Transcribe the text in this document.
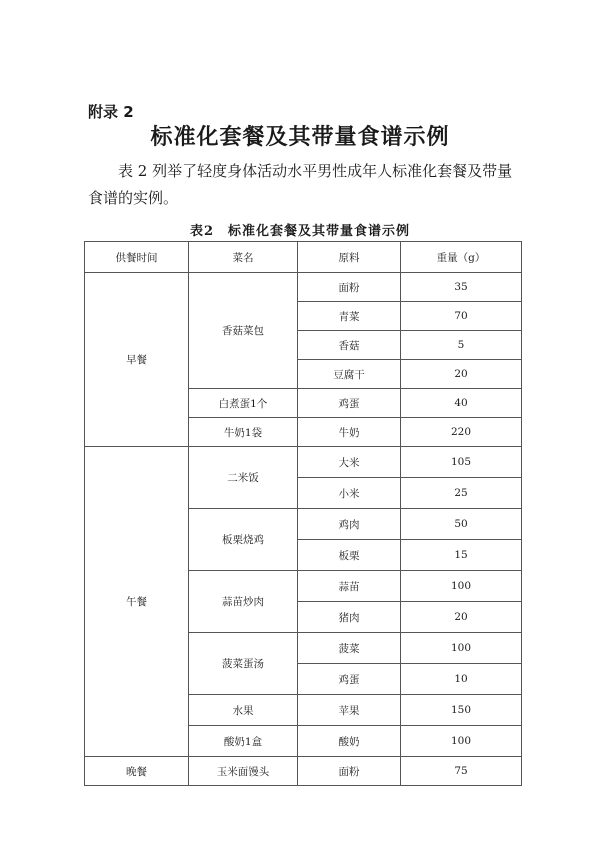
附录 2
标准化套餐及其带量食谱示例
表 2 列举了轻度身体活动水平男性成年人标准化套餐及带量食谱的实例。
表2　标准化套餐及其带量食谱示例
供餐时间	菜名	原料	重量（g）
早餐	香菇菜包	面粉	35
		青菜	70
		香菇	5
		豆腐干	20
	白煮蛋1个	鸡蛋	40
	牛奶1袋	牛奶	220
午餐	二米饭	大米	105
		小米	25
	板栗烧鸡	鸡肉	50
		板栗	15
	蒜苗炒肉	蒜苗	100
		猪肉	20
	菠菜蛋汤	菠菜	100
		鸡蛋	10
	水果	苹果	150
	酸奶1盒	酸奶	100
晚餐	玉米面馒头	面粉	75
